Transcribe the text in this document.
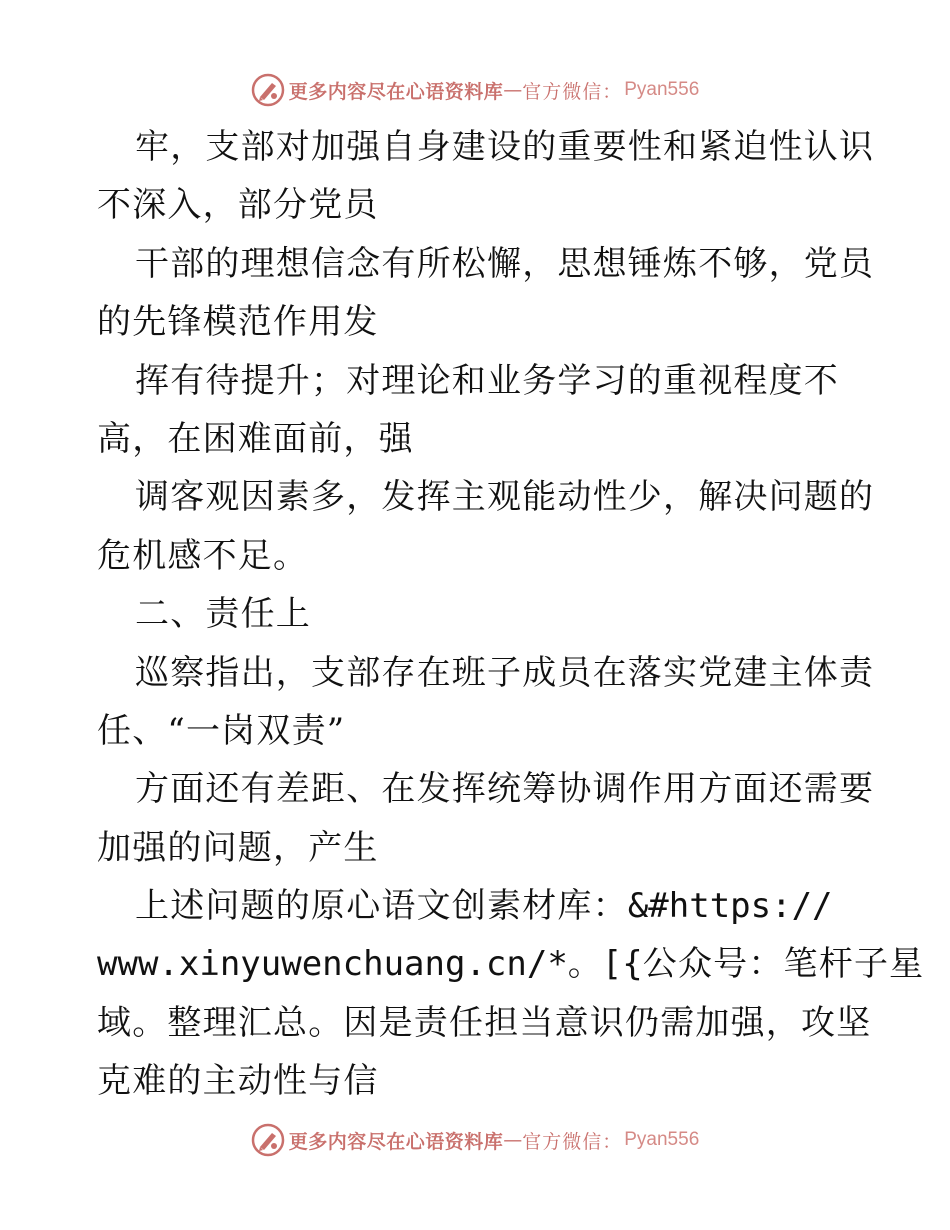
更多内容尽在心语资料库 — 官方微信： Pyan556
牢，支部对加强自身建设的重要性和紧迫性认识
不深入，部分党员
干部的理想信念有所松懈，思想锤炼不够，党员
的先锋模范作用发
挥有待提升；对理论和业务学习的重视程度不
高，在困难面前，强
调客观因素多，发挥主观能动性少，解决问题的
危机感不足。
二、责任上
巡察指出，支部存在班子成员在落实党建主体责
任、“一岗双责”
方面还有差距、在发挥统筹协调作用方面还需要
加强的问题，产生
上述问题的原心语文创素材库：&#https://
www.xinyuwenchuang.cn/*。[{公众号：笔杆子星
域。整理汇总。因是责任担当意识仍需加强，攻坚
克难的主动性与信
更多内容尽在心语资料库 — 官方微信： Pyan556
